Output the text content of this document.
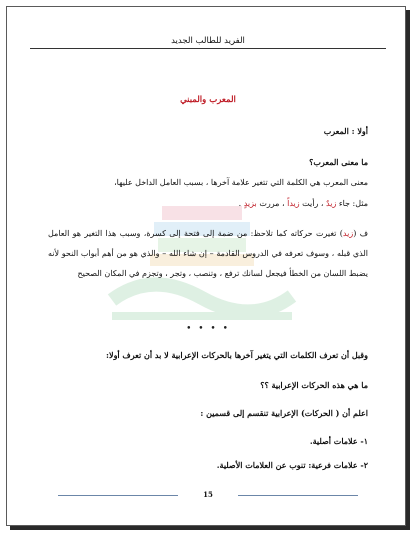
الفريد للطالب الجديد
المعرب والمبني
أولا : المعرب
ما معنى المعرب؟
معنى المعرب هي الكلمة التي تتغير علامة آخرها ، بسبب العامل الداخل عليها،
مثل: جاء زيدٌ ، رأيت زيداً ، مررت بزيدٍ .
ف (زيد) تغيرت حركاته كما تلاحظ: من ضمة إلى فتحة إلى كسرة، وسبب هذا التغير هو العامل الذي قبله ، وسوف تعرفه في الدروس القادمة – إن شاء الله – والذي هو من أهم أبواب النحو لأنه يضبط اللسان من الخطأ فيجعل لسانك ترفع ، وتنصب ، وتجر ، وتجزم في المكان الصحيح
• • • •
وقبل أن تعرف الكلمات التي يتغير آخرها بالحركات الإعرابية لا بد أن تعرف أولا:
ما هي هذه الحركات الإعرابية ؟؟
اعلم أن ( الحركات) الإعرابية تنقسم إلى قسمين :
١- علامات أصلية.
٢- علامات فرعية: تنوب عن العلامات الأصلية.
15
